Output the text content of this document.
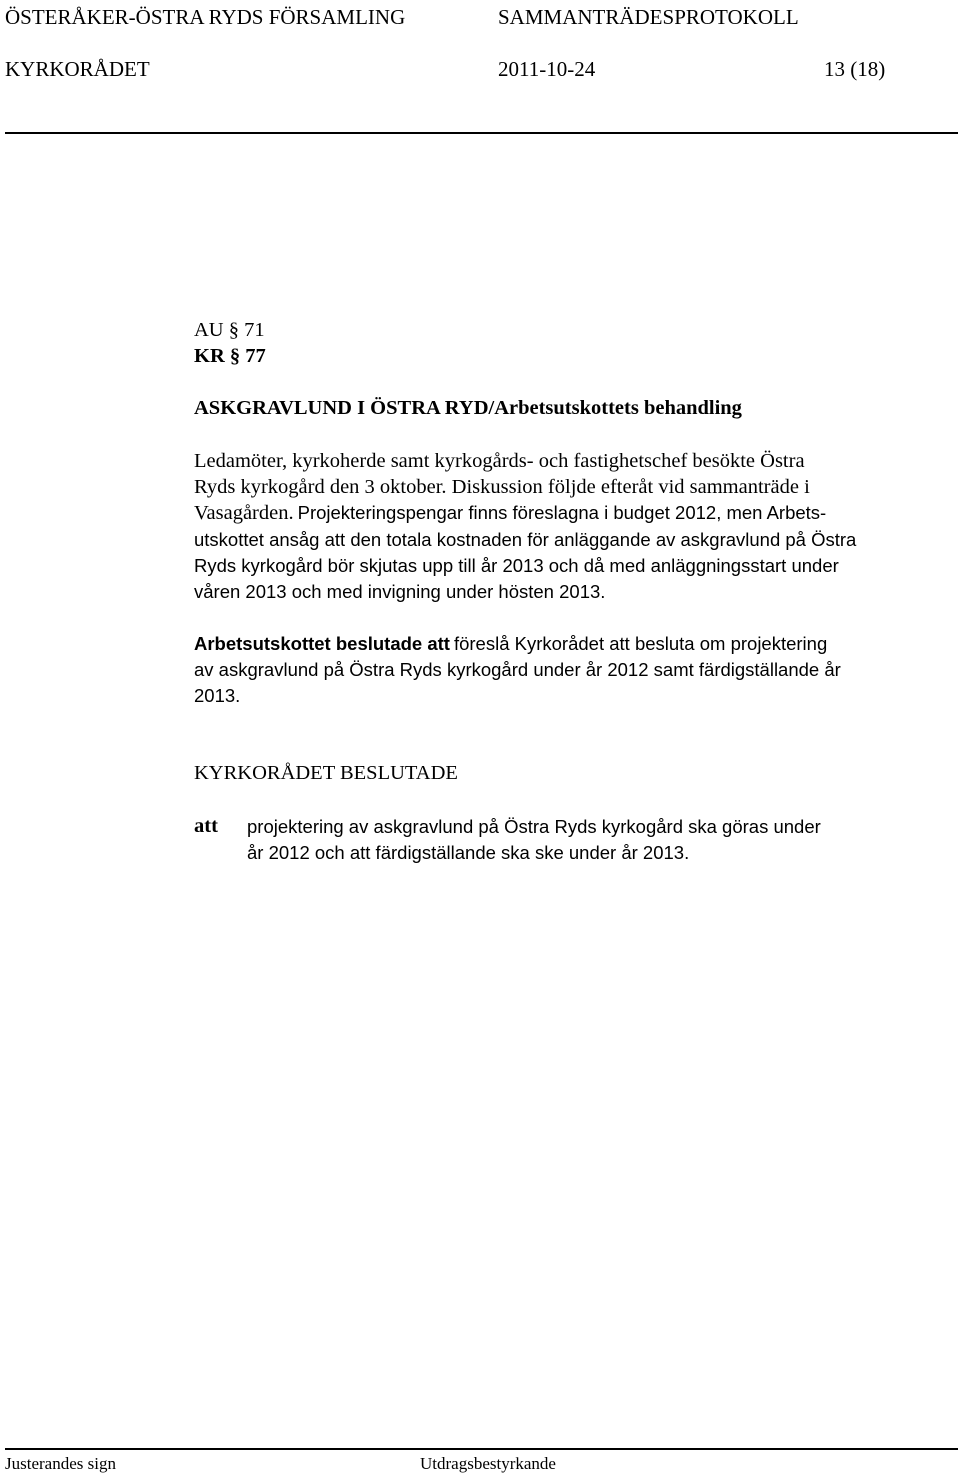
ÖSTERÅKER-ÖSTRA RYDS FÖRSAMLING	SAMMANTRÄDESPROTOKOLL
KYRKORÅDET	2011-10-24	13 (18)
AU § 71
KR § 77
ASKGRAVLUND I ÖSTRA RYD/Arbetsutskottets behandling
Ledamöter, kyrkoherde samt kyrkogårds- och fastighetschef besökte Östra
Ryds kyrkogård den 3 oktober. Diskussion följde efteråt vid sammanträde i
Vasagården. Projekteringspengar finns föreslagna i budget 2012, men Arbets-
utskottet ansåg att den totala kostnaden för anläggande av askgravlund på Östra
Ryds kyrkogård bör skjutas upp till år 2013 och då med anläggningsstart under
våren 2013 och med invigning under hösten 2013.
Arbetsutskottet beslutade att föreslå Kyrkorådet att besluta om projektering
av askgravlund på Östra Ryds kyrkogård under år 2012 samt färdigställande år
2013.
KYRKORÅDET BESLUTADE
att projektering av askgravlund på Östra Ryds kyrkogård ska göras under
år 2012 och att färdigställande ska ske under år 2013.
Justerandes sign	Utdragsbestyrkande
